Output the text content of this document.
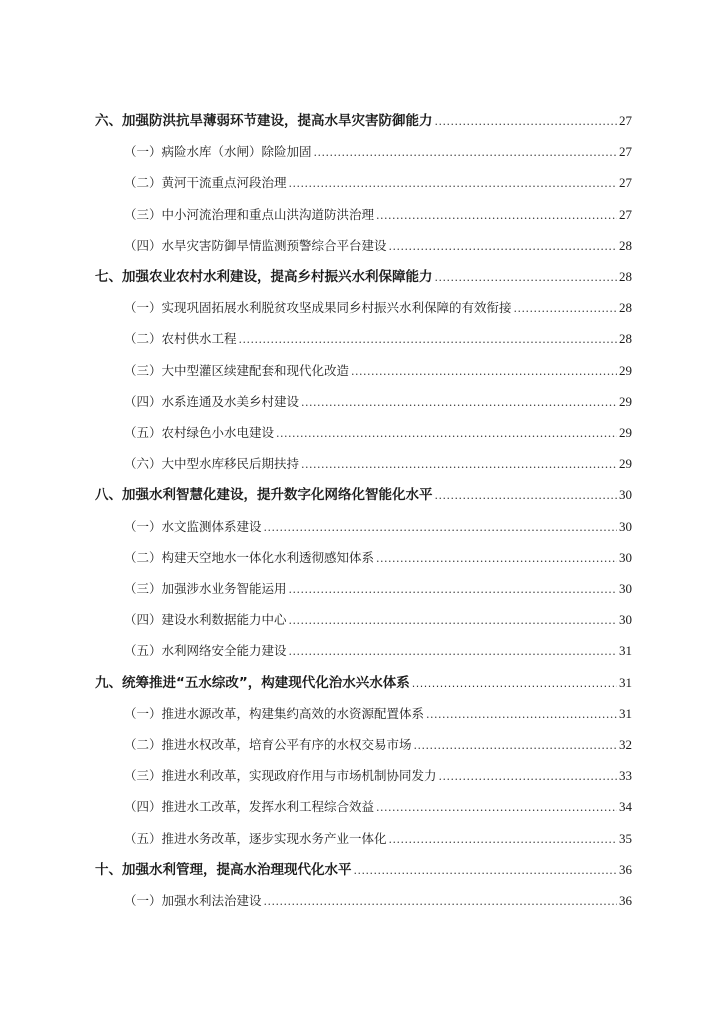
六、加强防洪抗旱薄弱环节建设，提高水旱灾害防御能力 .....	27
（一）病险水库（水闸）除险加固 .....	27
（二）黄河干流重点河段治理 .....	27
（三）中小河流治理和重点山洪沟道防洪治理 .....	27
（四）水旱灾害防御旱情监测预警综合平台建设 .....	28
七、加强农业农村水利建设，提高乡村振兴水利保障能力 .....	28
（一）实现巩固拓展水利脱贫攻坚成果同乡村振兴水利保障的有效衔接 .....	28
（二）农村供水工程 .....	28
（三）大中型灌区续建配套和现代化改造 .....	29
（四）水系连通及水美乡村建设 .....	29
（五）农村绿色小水电建设 .....	29
（六）大中型水库移民后期扶持 .....	29
八、加强水利智慧化建设，提升数字化网络化智能化水平 .....	30
（一）水文监测体系建设 .....	30
（二）构建天空地水一体化水利透彻感知体系 .....	30
（三）加强涉水业务智能运用 .....	30
（四）建设水利数据能力中心 .....	30
（五）水利网络安全能力建设 .....	31
九、统筹推进“五水综改”，构建现代化治水兴水体系 .....	31
（一）推进水源改革，构建集约高效的水资源配置体系 .....	31
（二）推进水权改革，培育公平有序的水权交易市场 .....	32
（三）推进水利改革，实现政府作用与市场机制协同发力 .....	33
（四）推进水工改革，发挥水利工程综合效益 .....	34
（五）推进水务改革，逐步实现水务产业一体化 .....	35
十、加强水利管理，提高水治理现代化水平 .....	36
（一）加强水利法治建设 .....	36
